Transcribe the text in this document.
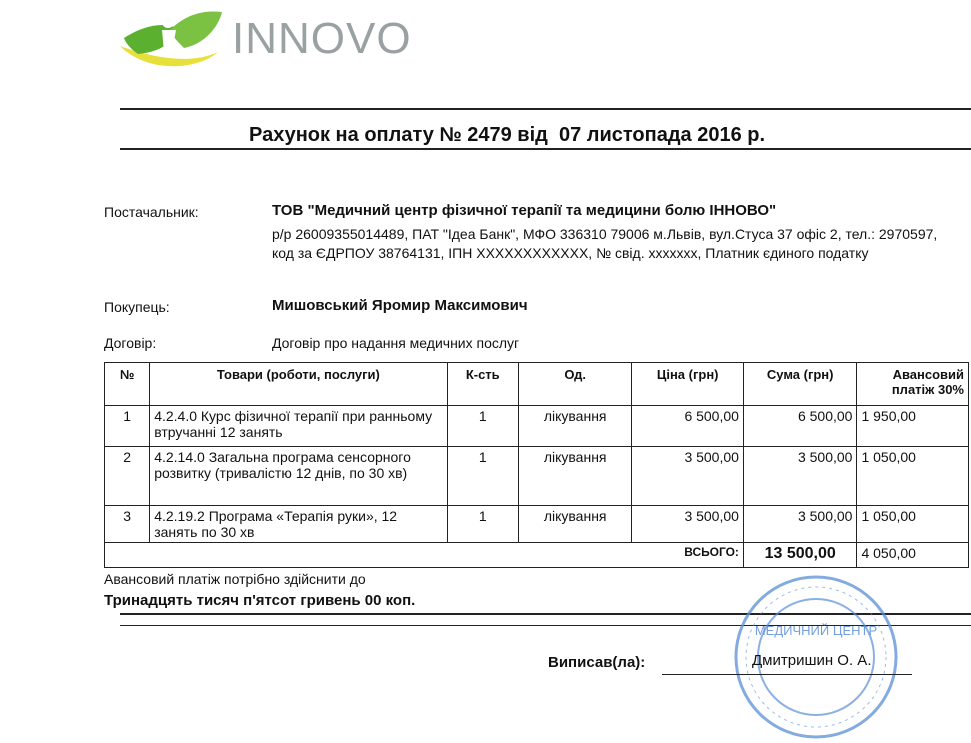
INNOVO
Рахунок на оплату № 2479 від  07 листопада 2016 р.
Постачальник:	ТОВ "Медичний центр фізичної терапії та медицини болю ІННОВО"
р/р 26009355014489, ПАТ "Ідеа Банк", МФО 336310 79006 м.Львів, вул.Стуса 37 офіс 2, тел.: 2970597, код за ЄДРПОУ 38764131, ІПН ХХХХХХХХХХХХ, № свід. ххххххх, Платник єдиного податку
Покупець:	Мишовський Яромир Максимович
Договір:	Договір про надання медичних послуг
№	Товари (роботи, послуги)	К-сть	Од.	Ціна (грн)	Сума (грн)	Авансовий платіж 30%
1	4.2.4.0 Курс фізичної терапії при ранньому втручанні 12 занять	1	лікування	6 500,00	6 500,00	1 950,00
2	4.2.14.0 Загальна програма сенсорного розвитку (тривалістю 12 днів, по 30 хв)	1	лікування	3 500,00	3 500,00	1 050,00
3	4.2.19.2 Програма «Терапія руки», 12 занять по 30 хв	1	лікування	3 500,00	3 500,00	1 050,00
ВСЬОГО:					13 500,00	4 050,00
Авансовий платіж потрібно здійснити до
Тринадцять тисяч п'ятсот гривень 00 коп.
МЕДИЧНИЙ ЦЕНТР
Виписав(ла):	Дмитришин О. А.
